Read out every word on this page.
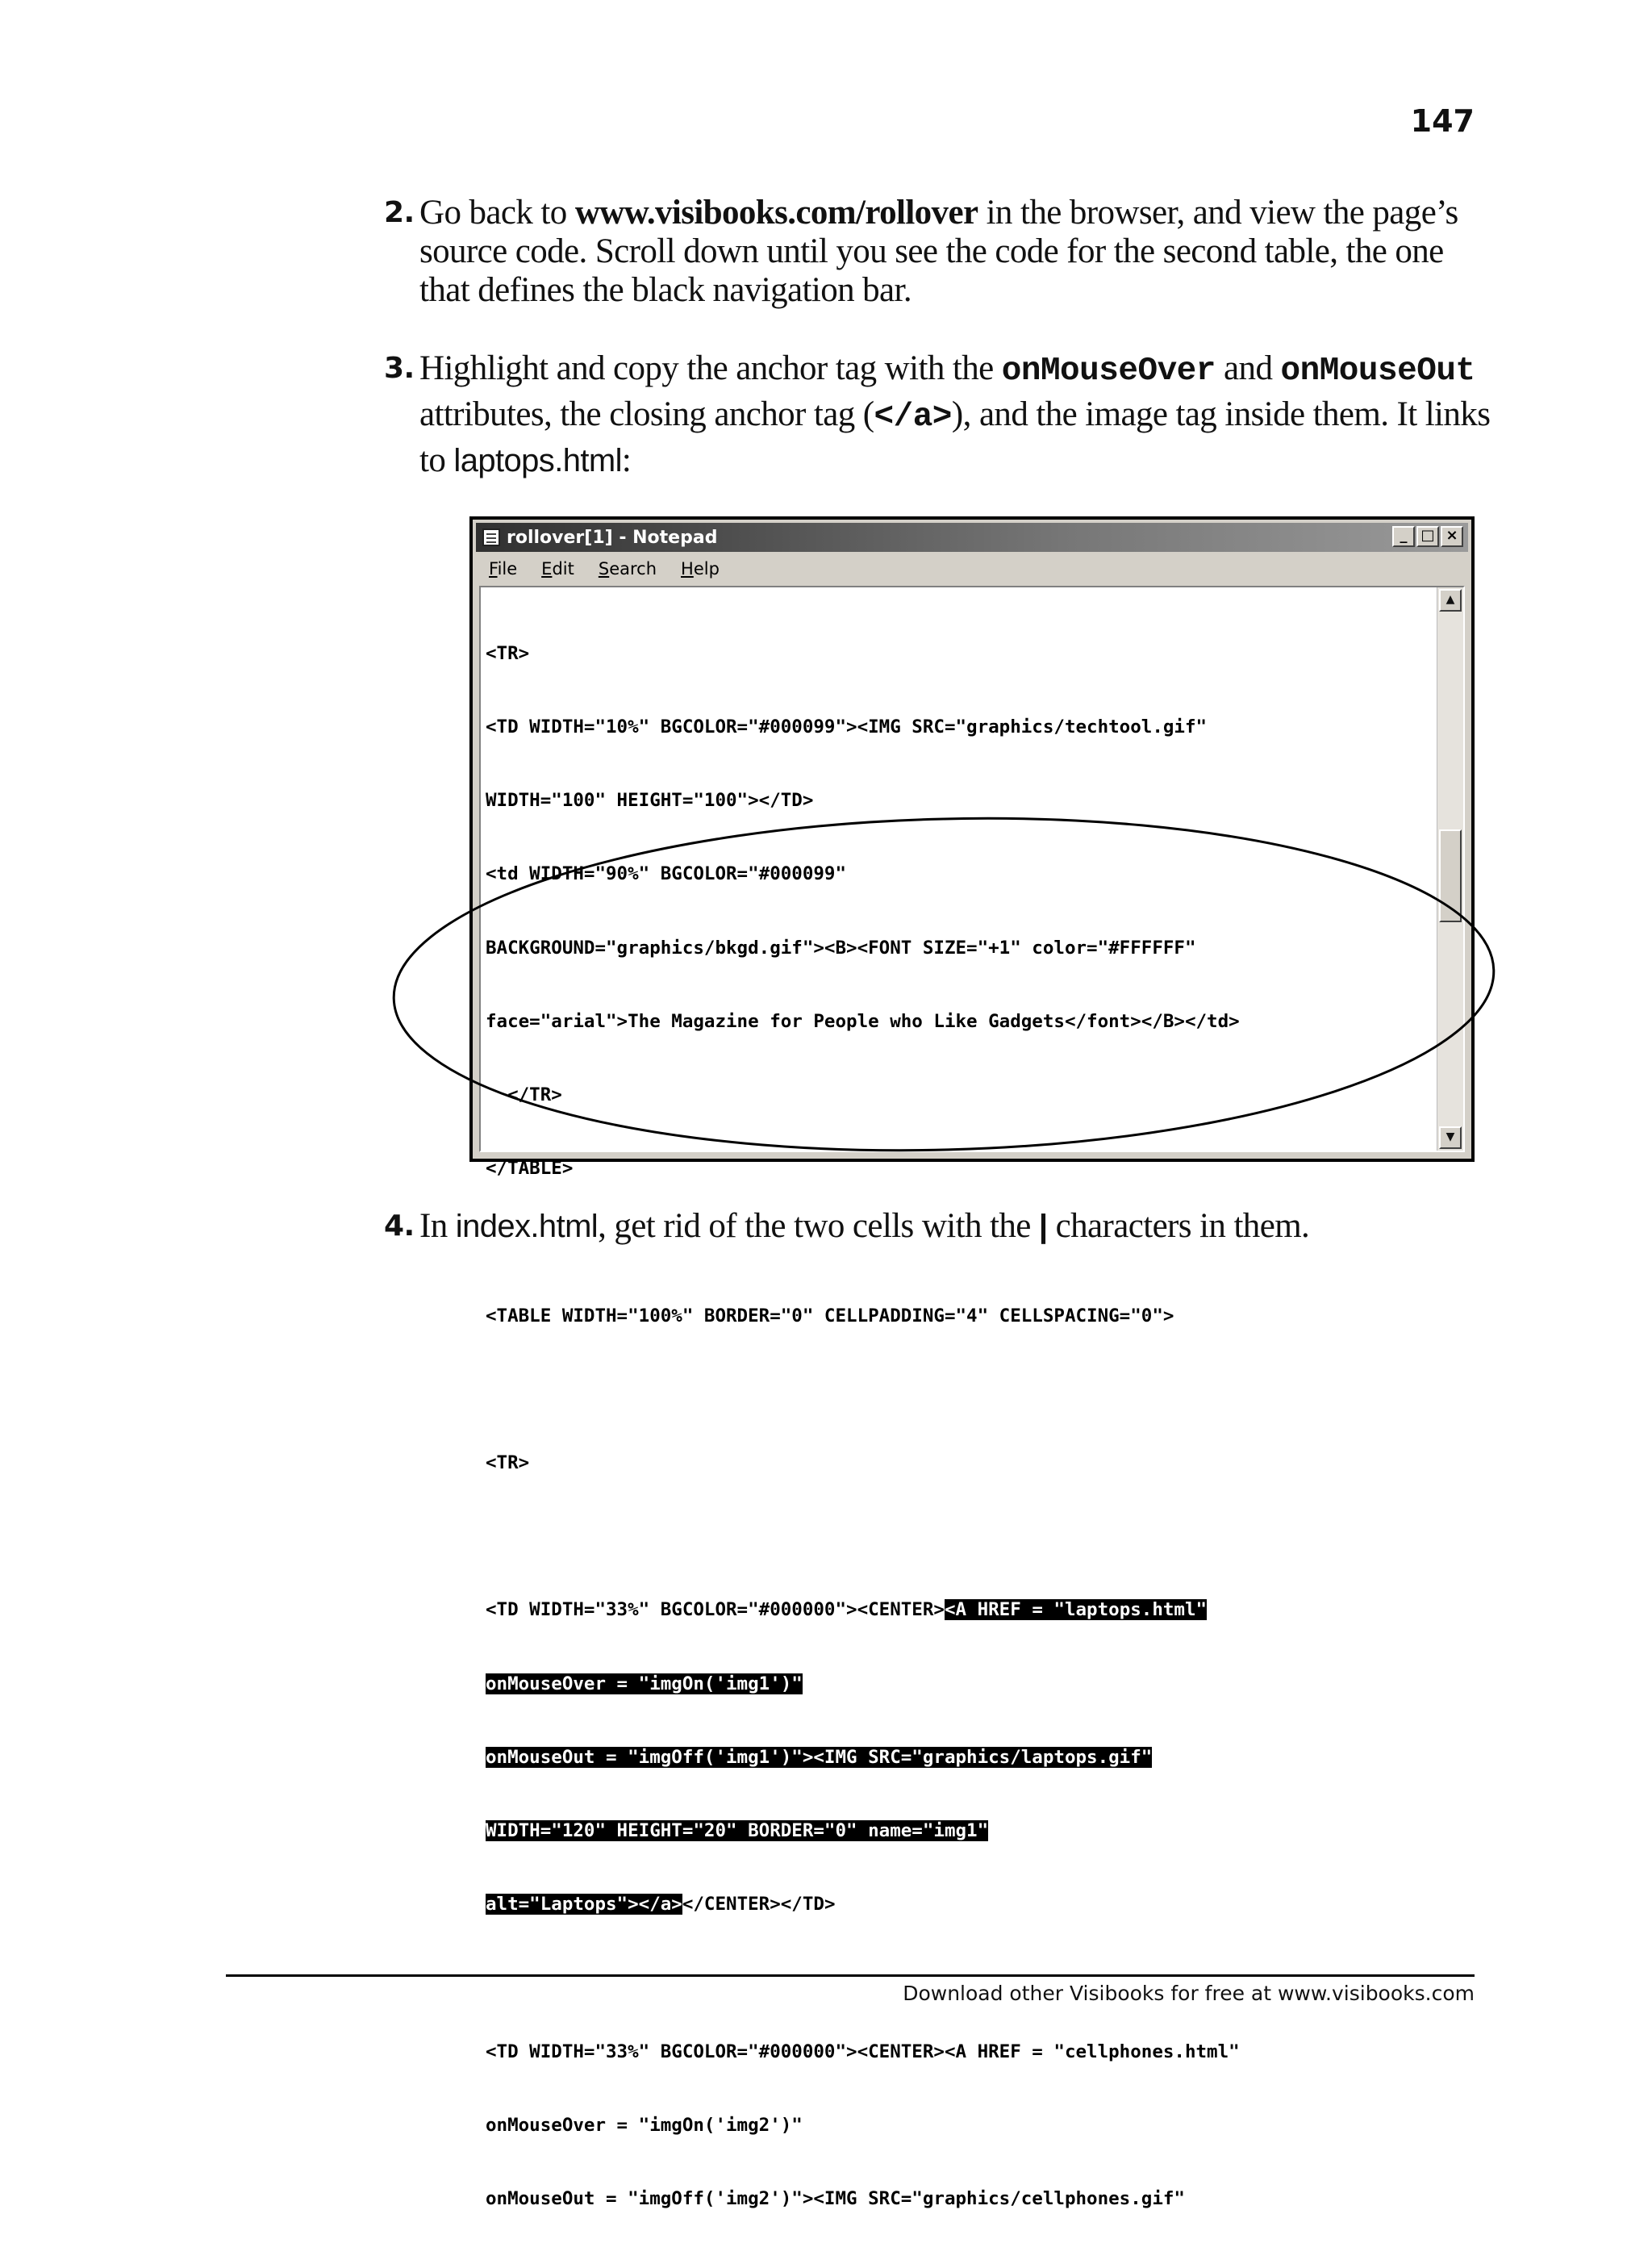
147
2. Go back to www.visibooks.com/rollover in the browser, and view the page’s source code. Scroll down until you see the code for the second table, the one that defines the black navigation bar.
3. Highlight and copy the anchor tag with the onMouseOver and onMouseOut attributes, the closing anchor tag (</a>), and the image tag inside them. It links to laptops.html:
rollover[1] - Notepad	_ □ ×
File Edit Search Help

<TR>

<TD WIDTH="10%" BGCOLOR="#000099"><IMG SRC="graphics/techtool.gif"

WIDTH="100" HEIGHT="100"></TD>

<td WIDTH="90%" BGCOLOR="#000099"

BACKGROUND="graphics/bkgd.gif"><B><FONT SIZE="+1" color="#FFFFFF"

face="arial">The Magazine for People who Like Gadgets</font></B></td>

</TR>

</TABLE>

<TABLE WIDTH="100%" BORDER="0" CELLPADDING="4" CELLSPACING="0">

<TR>

<TD WIDTH="33%" BGCOLOR="#000000"><CENTER><A HREF = "laptops.html"

onMouseOver = "imgOn('img1')"

onMouseOut = "imgOff('img1')"><IMG SRC="graphics/laptops.gif"

WIDTH="120" HEIGHT="20" BORDER="0" name="img1"

alt="Laptops"></a></CENTER></TD>

<TD WIDTH="33%" BGCOLOR="#000000"><CENTER><A HREF = "cellphones.html"

onMouseOver = "imgOn('img2')"

onMouseOut = "imgOff('img2')"><IMG SRC="graphics/cellphones.gif"

▲
▼
4. In index.html, get rid of the two cells with the | characters in them.
Download other Visibooks for free at www.visibooks.com
